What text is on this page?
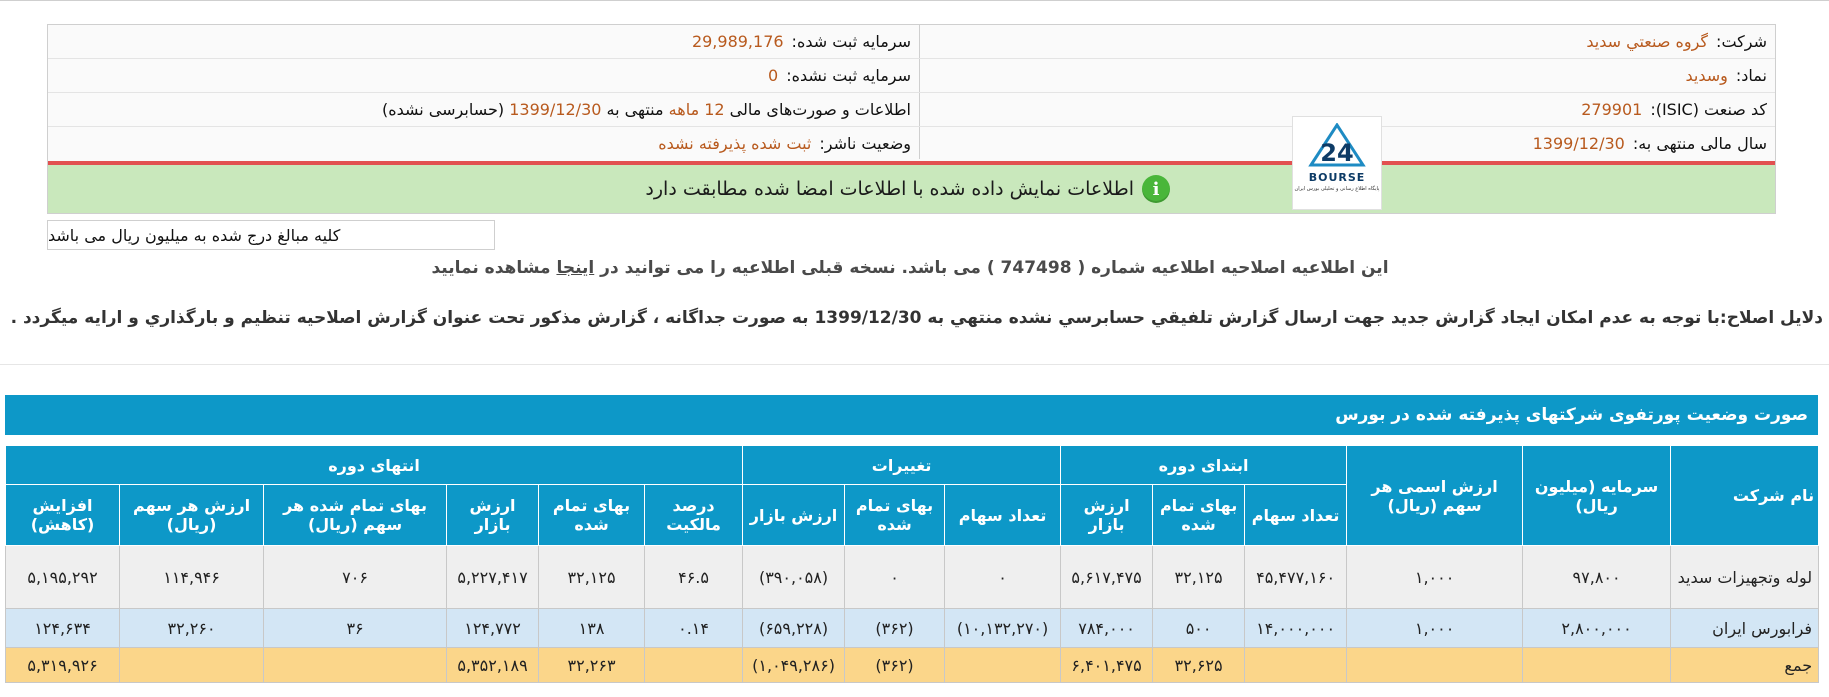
شرکت:
گروه صنعتي سديد
سرمایه ثبت شده:
29,989,176
نماد:
وسديد
سرمایه ثبت نشده:
0
کد صنعت (ISIC):
279901
اطلاعات و صورت‌های مالی

12 ماهه

منتهی به

1399/12/30

(حسابرسی نشده)
سال مالی منتهی به:
1399/12/30
وضعیت ناشر:
ثبت شده پذیرفته نشده
اطلاعات نمایش داده شده با اطلاعات امضا شده مطابقت دارد	i
24
BOURSE
پایگاه اطلاع رسانی و تحلیلی بورس ایران
کلیه مبالغ درج شده به میلیون ریال می باشد
این اطلاعیه اصلاحیه اطلاعیه شماره ( 747498 ) می باشد. نسخه قبلی اطلاعیه را می توانید در اینجا مشاهده نمایید
دلایل اصلاح:با توجه به عدم امکان ايجاد گزارش جديد جهت ارسال گزارش تلفيقي حسابرسي نشده منتهي به 1399/12/30 به صورت جداگانه ، گزارش مذکور تحت عنوان گزارش اصلاحيه تنظيم و بارگذاري و ارايه ميگردد .
صورت وضعیت پورتفوی شرکتهای پذیرفته شده در بورس
نام شرکت	سرمایه (میلیون ریال)	ارزش اسمی هر سهم (ریال)	ابتدای دوره			تغییرات			انتهای دوره					
			تعداد سهام	بهای تمام شده	ارزش بازار	تعداد سهام	بهای تمام شده	ارزش بازار	درصد مالکیت	بهای تمام شده	ارزش بازار	بهای تمام شده هر سهم (ریال)	ارزش هر سهم (ریال)	افزایش (کاهش)
لوله وتجهیزات سدید	۹۷,۸۰۰	۱,۰۰۰	۴۵,۴۷۷,۱۶۰	۳۲,۱۲۵	۵,۶۱۷,۴۷۵	۰	۰	(۳۹۰,۰۵۸)	۴۶.۵	۳۲,۱۲۵	۵,۲۲۷,۴۱۷	۷۰۶	۱۱۴,۹۴۶	۵,۱۹۵,۲۹۲
فرابورس ایران	۲,۸۰۰,۰۰۰	۱,۰۰۰	۱۴,۰۰۰,۰۰۰	۵۰۰	۷۸۴,۰۰۰	(۱۰,۱۳۲,۲۷۰)	(۳۶۲)	(۶۵۹,۲۲۸)	۰.۱۴	۱۳۸	۱۲۴,۷۷۲	۳۶	۳۲,۲۶۰	۱۲۴,۶۳۴
جمع				۳۲,۶۲۵	۶,۴۰۱,۴۷۵		(۳۶۲)	(۱,۰۴۹,۲۸۶)		۳۲,۲۶۳	۵,۳۵۲,۱۸۹			۵,۳۱۹,۹۲۶
